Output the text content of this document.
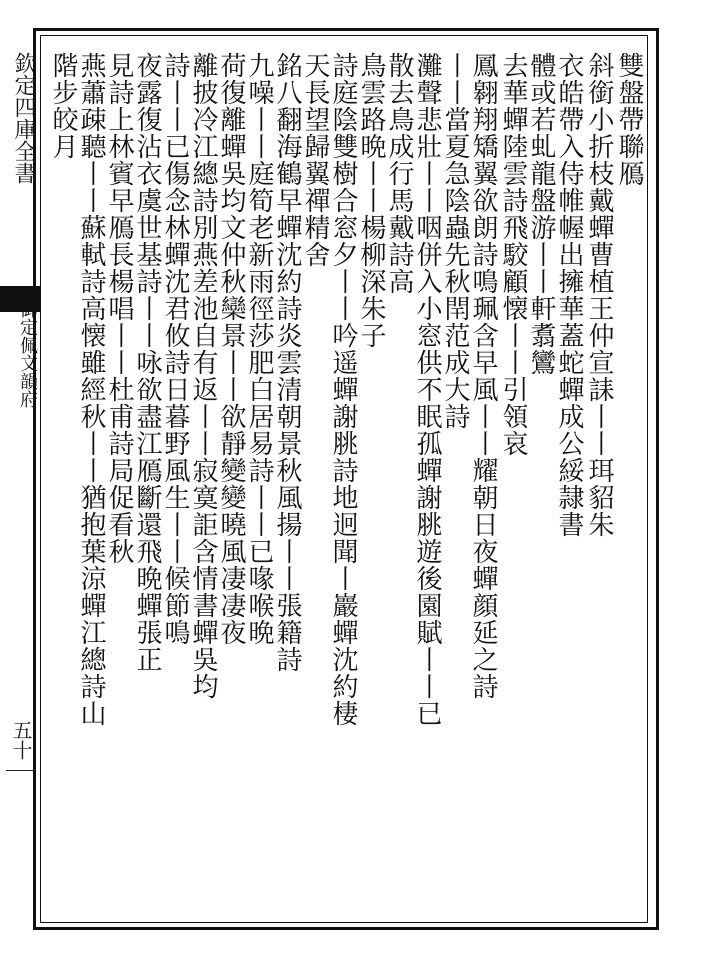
欽定四庫全書
御定佩文韻府
五十
雙盤帶聯鴈
斜銜小折枝戴蟬曹植王仲宣誄丨丨珥貂朱
衣皓帶入侍帷幄出擁華蓋蛇蟬成公綏隷書
體或若虬龍盤游丨丨軒翥鸞
去華蟬陸雲詩飛駮顧懐丨丨引領哀
鳳翱翔矯翼欲朗詩鳴珮含早風丨丨耀朝日夜蟬顔延之詩
丨丨當夏急陰蟲先秋閈范成大詩
灘聲悲壯丨丨咽併入小窓供不眠孤蟬謝脁遊後園賦丨丨已
散去鳥成行馬戴詩高
鳥雲路晩丨丨楊柳深朱子
詩庭陰雙樹合窓夕丨丨吟遥蟬謝脁詩地迥聞丨巖蟬沈約棲
天長望歸翼禪精舍
銘八翻海鶴早蟬沈約詩炎雲清朝景秋風揚丨丨張籍詩
九噪丨丨庭筍老新雨徑莎肥白居易詩丨丨已喙喉晩
荷復離蟬吳均文仲秋欒景丨丨欲靜變變曉風凄凄夜
離披冷江總詩別燕差池自有返丨丨寂寞詎含情書蟬吳均
詩丨丨已傷念林蟬沈君攸詩日暮野風生丨丨候節鳴
夜露復沾衣虞世基詩丨丨咏欲盡江鴈斷還飛晩蟬張正
見詩上林賓早鴈長楊唱丨丨杜甫詩局促看秋
燕蕭疎聽丨丨蘇軾詩高懐雖經秋丨丨猶抱葉涼蟬江總詩山
階步皎月
